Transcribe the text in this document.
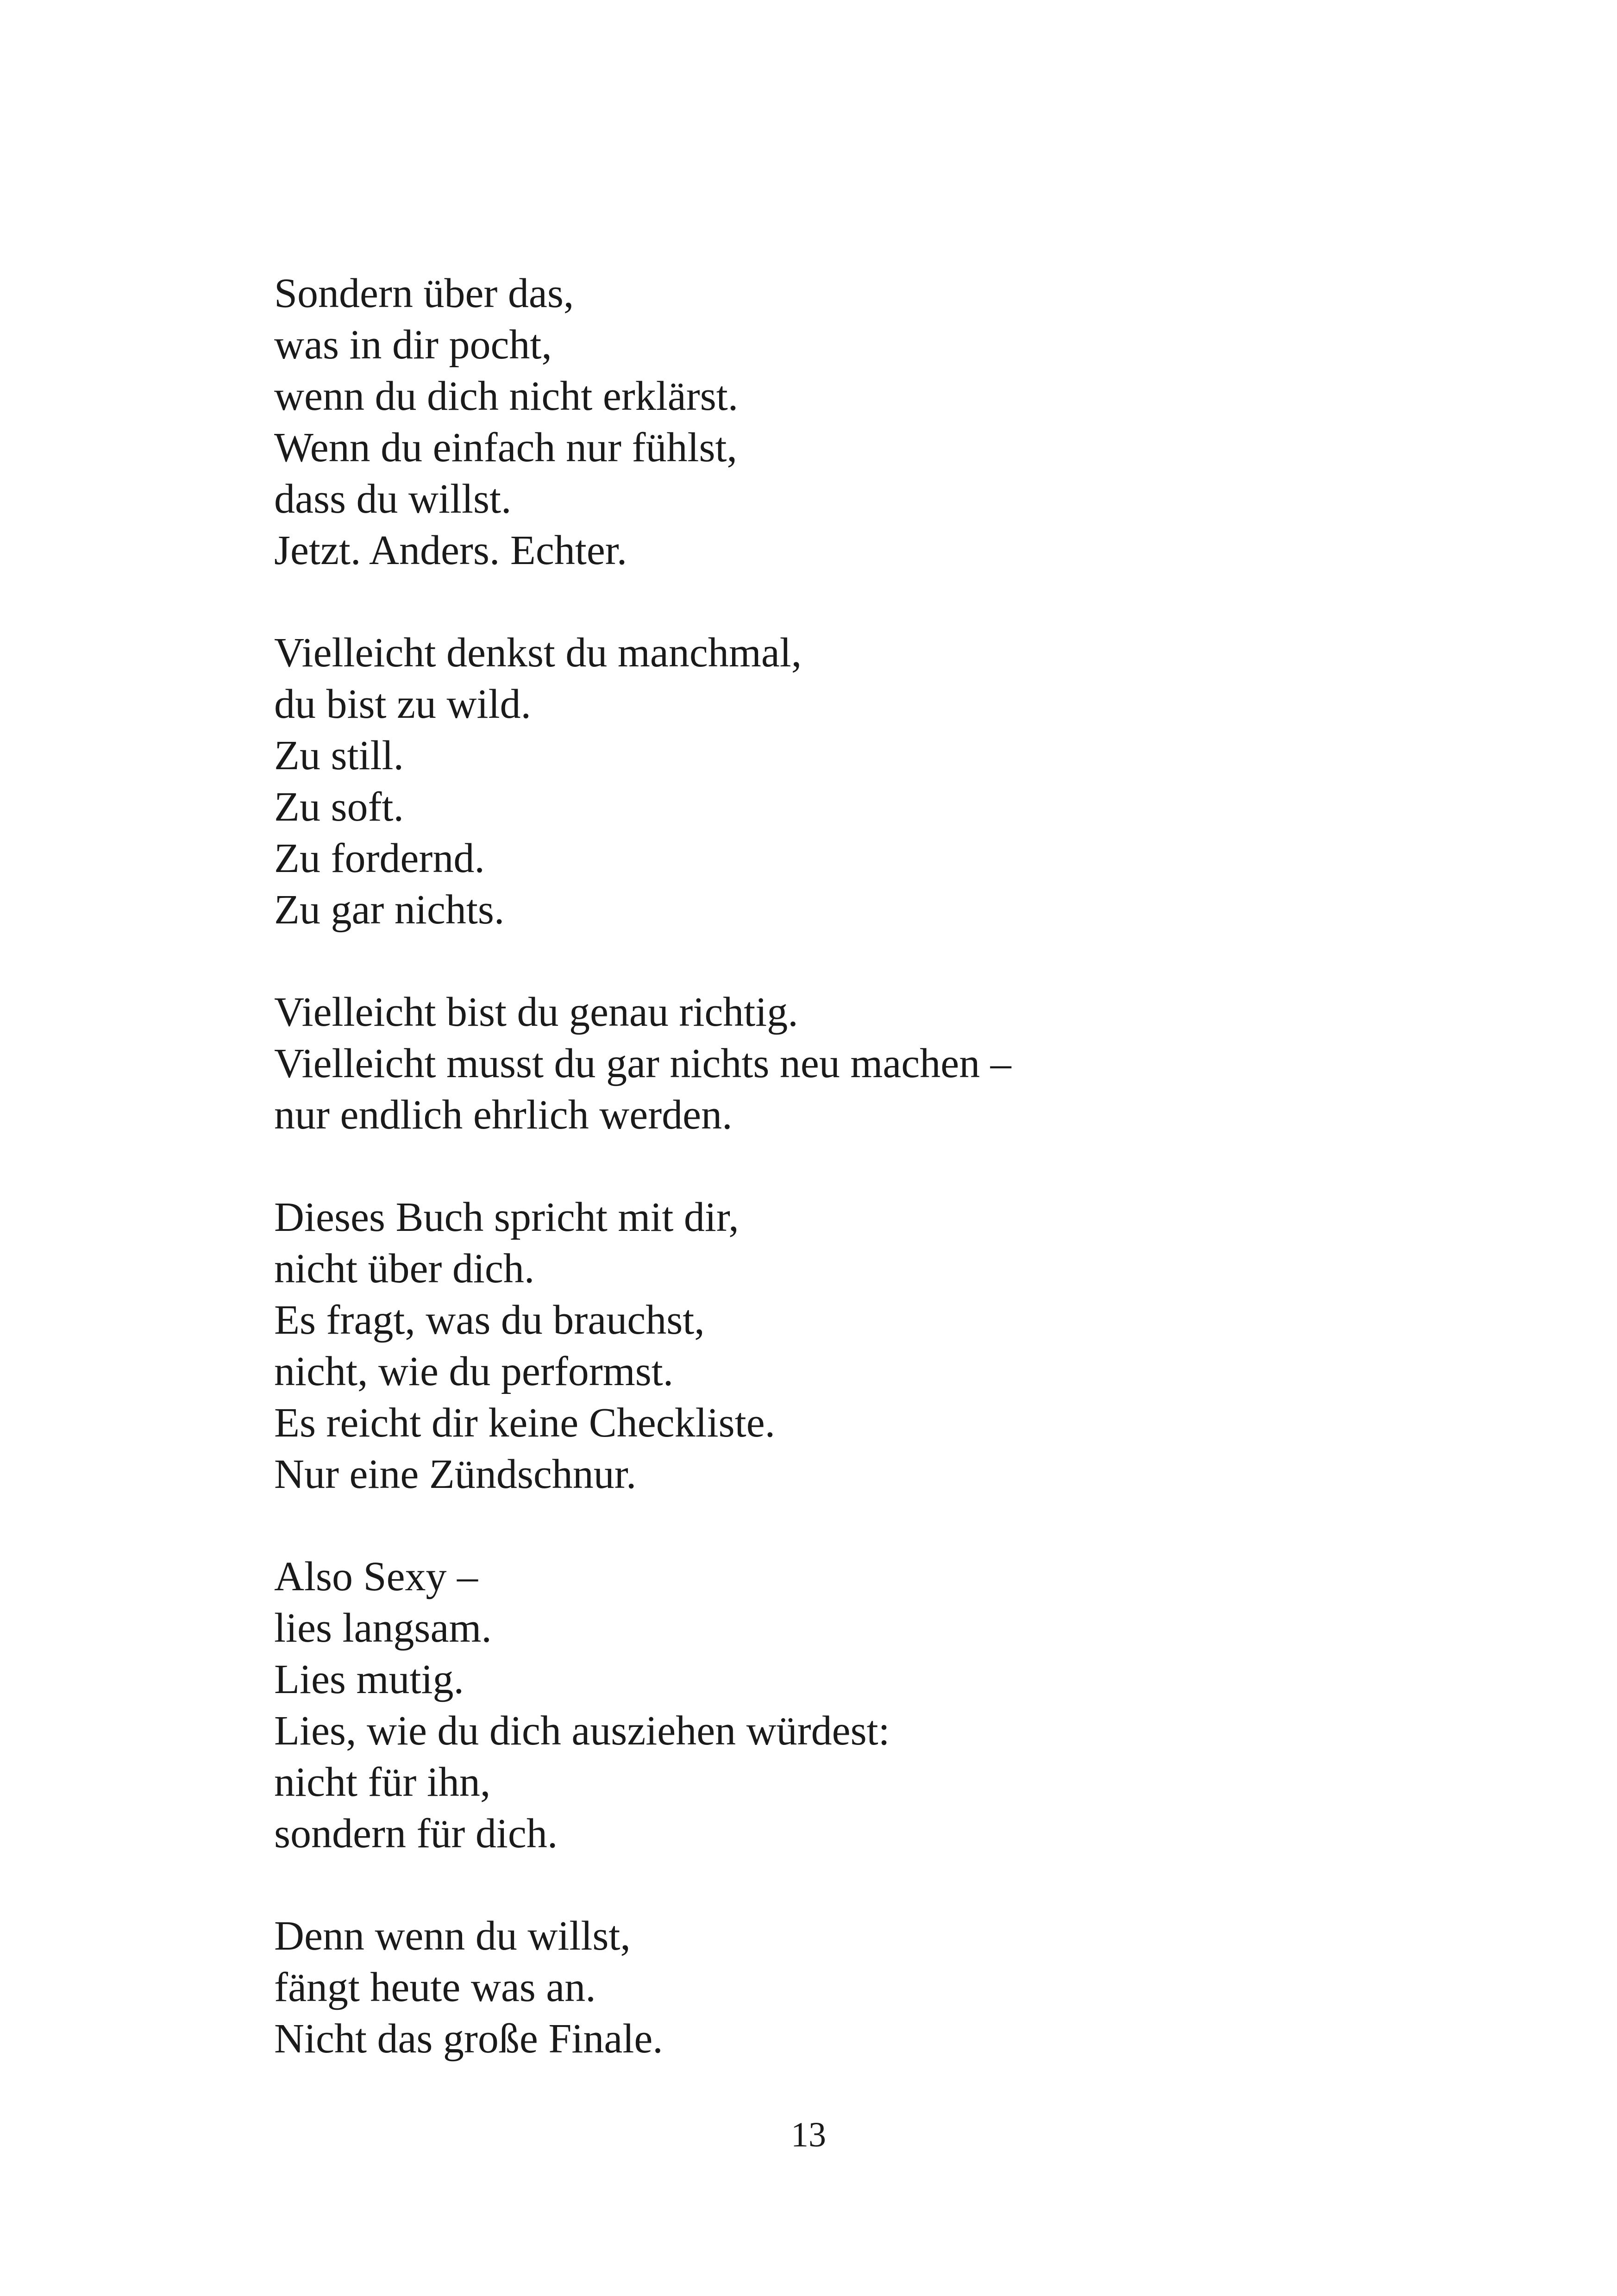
Sondern über das,
was in dir pocht,
wenn du dich nicht erklärst.
Wenn du einfach nur fühlst,
dass du willst.
Jetzt. Anders. Echter.
Vielleicht denkst du manchmal,
du bist zu wild.
Zu still.
Zu soft.
Zu fordernd.
Zu gar nichts.
Vielleicht bist du genau richtig.
Vielleicht musst du gar nichts neu machen –
nur endlich ehrlich werden.
Dieses Buch spricht mit dir,
nicht über dich.
Es fragt, was du brauchst,
nicht, wie du performst.
Es reicht dir keine Checkliste.
Nur eine Zündschnur.
Also Sexy –
lies langsam.
Lies mutig.
Lies, wie du dich ausziehen würdest:
nicht für ihn,
sondern für dich.
Denn wenn du willst,
fängt heute was an.
Nicht das große Finale.
13
